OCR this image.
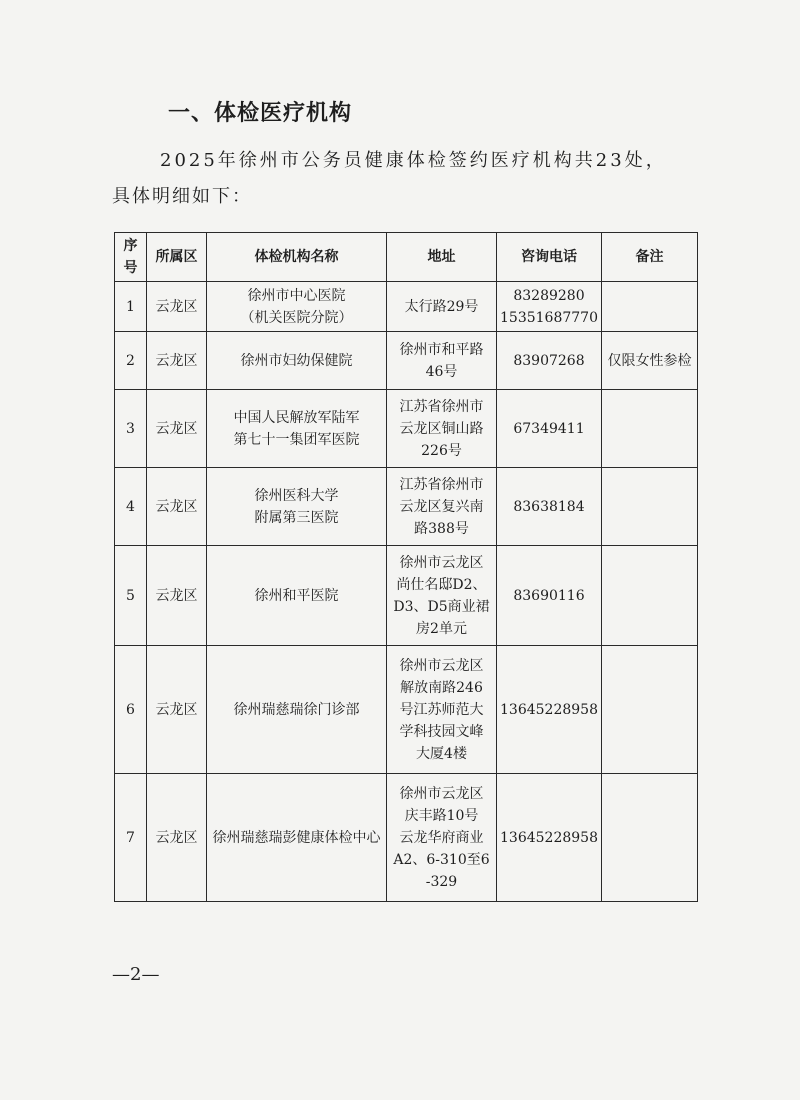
一、体检医疗机构
2025年徐州市公务员健康体检签约医疗机构共23处，
具体明细如下：
序号	所属区	体检机构名称	地址	咨询电话	备注
1	云龙区	徐州市中心医院
（机关医院分院）	太行路29号	83289280
15351687770	

2	云龙区	徐州市妇幼保健院	徐州市和平路
46号	83907268	仅限女性参检
3	云龙区	中国人民解放军陆军
第七十一集团军医院	江苏省徐州市
云龙区铜山路
226号	67349411	

4	云龙区	徐州医科大学
附属第三医院	江苏省徐州市
云龙区复兴南
路388号	83638184	

5	云龙区	徐州和平医院	徐州市云龙区
尚仕名邸D2、
D3、D5商业裙
房2单元	83690116	

6	云龙区	徐州瑞慈瑞徐门诊部	徐州市云龙区
解放南路246
号江苏师范大
学科技园文峰
大厦4楼	13645228958	

7	云龙区	徐州瑞慈瑞彭健康体检中心	徐州市云龙区
庆丰路10号
云龙华府商业
A2、6-310至6
-329	13645228958	

—2—
